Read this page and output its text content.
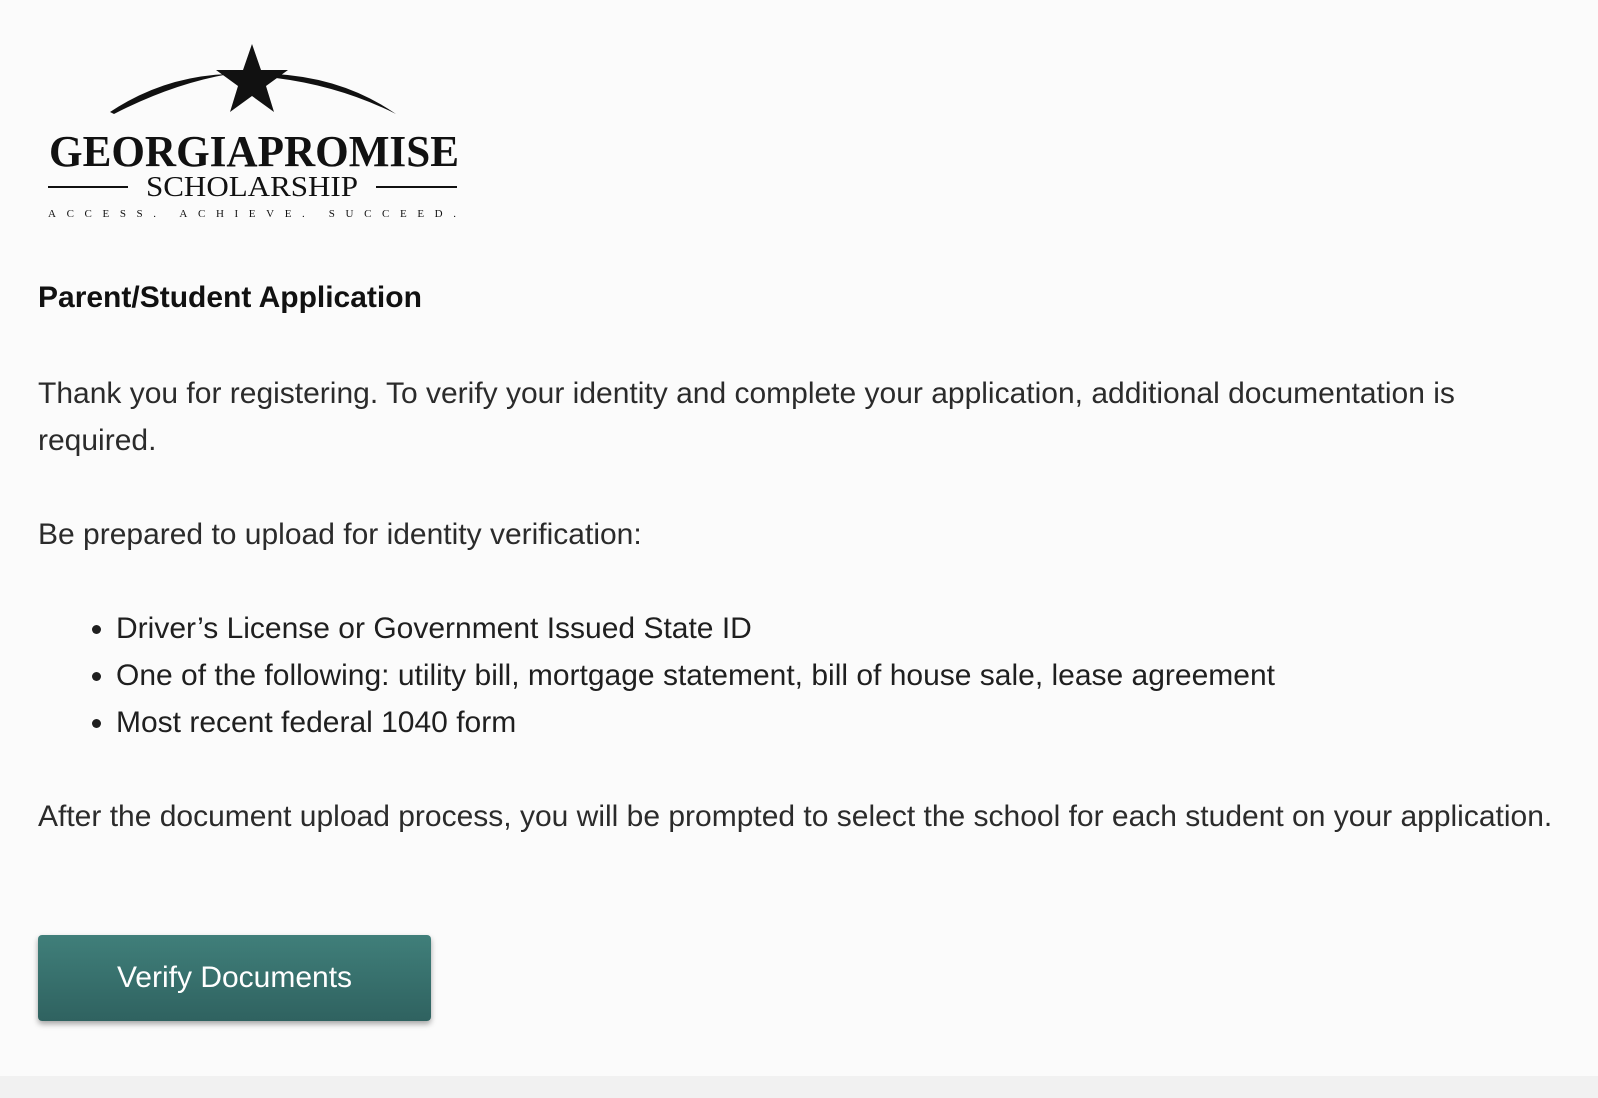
GEORGIAPROMISE
SCHOLARSHIP
ACCESS. ACHIEVE. SUCCEED.
Parent/Student Application

Thank you for registering. To verify your identity and complete your application, additional documentation is required.

Be prepared to upload for identity verification:

• Driver’s License or Government Issued State ID
• One of the following: utility bill, mortgage statement, bill of house sale, lease agreement
• Most recent federal 1040 form

After the document upload process, you will be prompted to select the school for each student on your application.

Verify Documents
